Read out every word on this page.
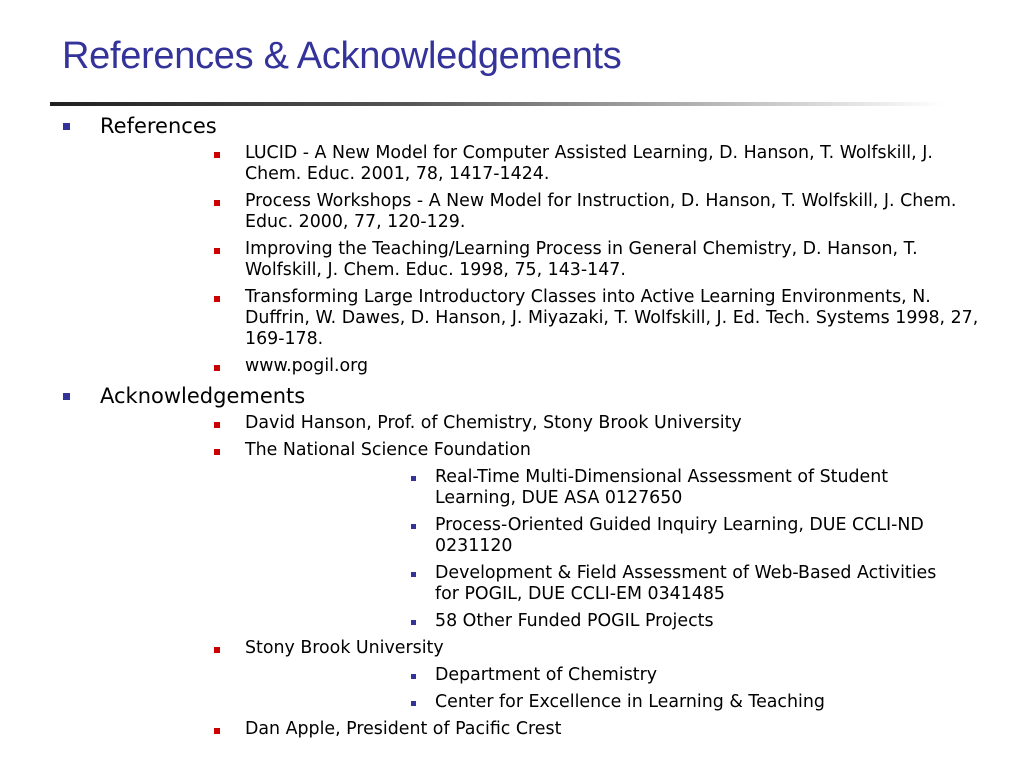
References & Acknowledgements
References
LUCID - A New Model for Computer Assisted Learning, D. Hanson, T. Wolfskill, J. Chem. Educ. 2001, 78, 1417-1424.
Process Workshops - A New Model for Instruction, D. Hanson, T. Wolfskill, J. Chem. Educ. 2000, 77, 120-129.
Improving the Teaching/Learning Process in General Chemistry, D. Hanson, T. Wolfskill, J. Chem. Educ. 1998, 75, 143-147.
Transforming Large Introductory Classes into Active Learning Environments, N. Duffrin, W. Dawes, D. Hanson, J. Miyazaki, T. Wolfskill, J. Ed. Tech. Systems 1998, 27, 169-178.
www.pogil.org
Acknowledgements
David Hanson, Prof. of Chemistry, Stony Brook University
The National Science Foundation
Real-Time Multi-Dimensional Assessment of Student Learning, DUE ASA 0127650
Process-Oriented Guided Inquiry Learning, DUE CCLI-ND 0231120
Development & Field Assessment of Web-Based Activities for POGIL, DUE CCLI-EM 0341485
58 Other Funded POGIL Projects
Stony Brook University
Department of Chemistry
Center for Excellence in Learning & Teaching
Dan Apple, President of Pacific Crest
